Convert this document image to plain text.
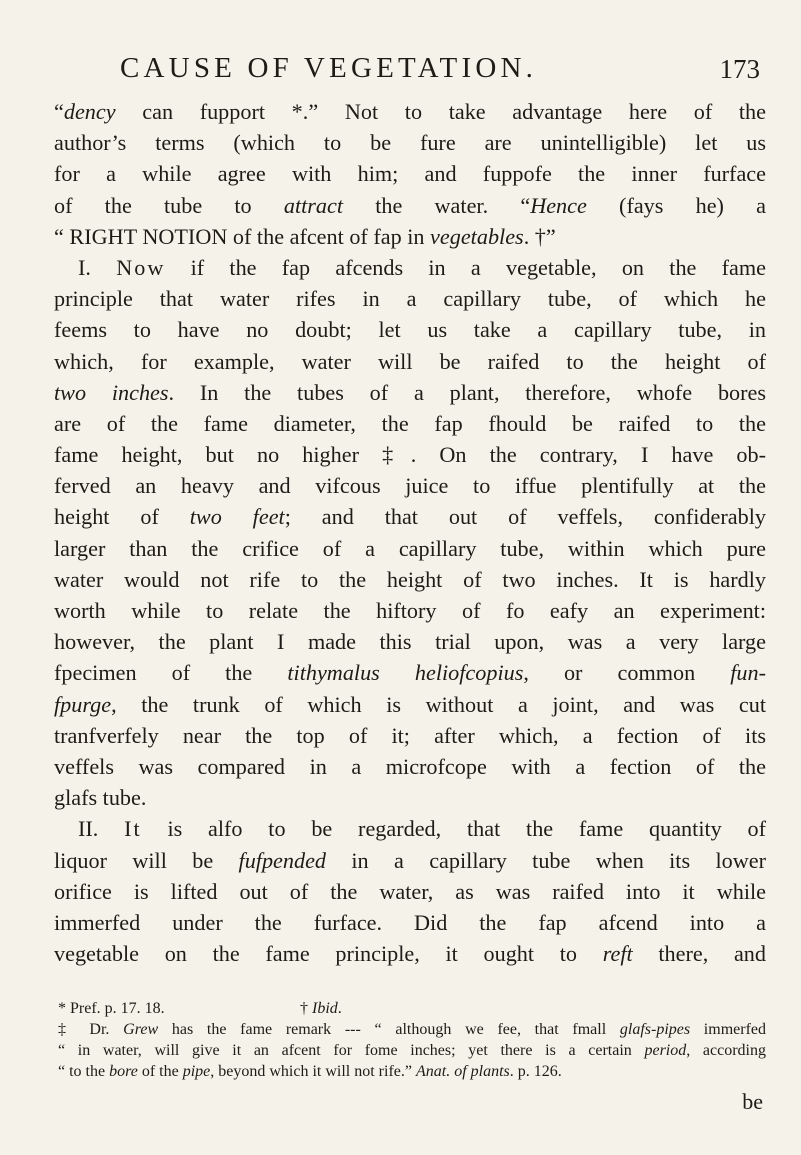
CAUSE OF VEGETATION.	173
“dency can fupport *.” Not to take advantage here of the
author’s terms (which to be fure are unintelligible) let us
for a while agree with him; and fuppofe the inner furface
of the tube to attract the water. “Hence (fays he) a
“ RIGHT NOTION of the afcent of fap in vegetables. †”
I. Now if the fap afcends in a vegetable, on the fame
principle that water rifes in a capillary tube, of which he
feems to have no doubt; let us take a capillary tube, in
which, for example, water will be raifed to the height of
two inches. In the tubes of a plant, therefore, whofe bores
are of the fame diameter, the fap fhould be raifed to the
fame height, but no higher ‡. On the contrary, I have ob-
ferved an heavy and vifcous juice to iffue plentifully at the
height of two feet; and that out of veffels, confiderably
larger than the crifice of a capillary tube, within which pure
water would not rife to the height of two inches. It is hardly
worth while to relate the hiftory of fo eafy an experiment:
however, the plant I made this trial upon, was a very large
fpecimen of the tithymalus heliofcopius, or common fun-
fpurge, the trunk of which is without a joint, and was cut
tranfverfely near the top of it; after which, a fection of its
veffels was compared in a microfcope with a fection of the
glafs tube.
II. It is alfo to be regarded, that the fame quantity of
liquor will be fufpended in a capillary tube when its lower
orifice is lifted out of the water, as was raifed into it while
immerfed under the furface. Did the fap afcend into a
vegetable on the fame principle, it ought to reft there, and
* Pref. p. 17. 18.	† Ibid.
‡ Dr. Grew has the fame remark --- “ although we fee, that fmall glafs-pipes immerfed
“ in water, will give it an afcent for fome inches; yet there is a certain period, according
“ to the bore of the pipe, beyond which it will not rife.” Anat. of plants. p. 126.
be
